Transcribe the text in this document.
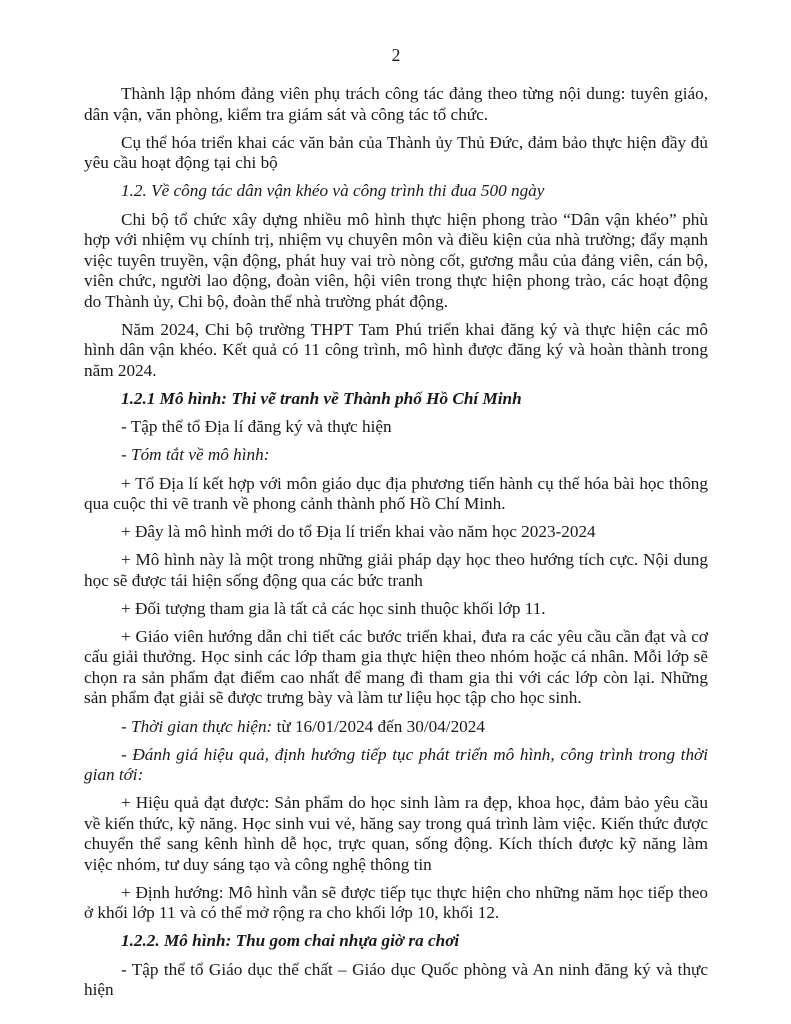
2

Thành lập nhóm đảng viên phụ trách công tác đảng theo từng nội dung: tuyên giáo, dân vận, văn phòng, kiểm tra giám sát và công tác tổ chức.

Cụ thể hóa triển khai các văn bản của Thành ủy Thủ Đức, đảm bảo thực hiện đầy đủ yêu cầu hoạt động tại chi bộ

1.2. Về công tác dân vận khéo và công trình thi đua 500 ngày

Chi bộ tổ chức xây dựng nhiều mô hình thực hiện phong trào “Dân vận khéo” phù hợp với nhiệm vụ chính trị, nhiệm vụ chuyên môn và điều kiện của nhà trường; đẩy mạnh việc tuyên truyền, vận động, phát huy vai trò nòng cốt, gương mẫu của đảng viên, cán bộ, viên chức, người lao động, đoàn viên, hội viên trong thực hiện phong trào, các hoạt động do Thành ủy, Chi bộ, đoàn thể nhà trường phát động.

Năm 2024, Chi bộ trường THPT Tam Phú triển khai đăng ký và thực hiện các mô hình dân vận khéo. Kết quả có 11 công trình, mô hình được đăng ký và hoàn thành trong năm 2024.

1.2.1 Mô hình: Thi vẽ tranh về Thành phố Hồ Chí Minh

- Tập thể tổ Địa lí đăng ký và thực hiện

- Tóm tắt về mô hình:

+ Tổ Địa lí kết hợp với môn giáo dục địa phương tiến hành cụ thể hóa bài học thông qua cuộc thi vẽ tranh về phong cảnh thành phố Hồ Chí Minh.

+ Đây là mô hình mới do tổ Địa lí triển khai vào năm học 2023-2024

+ Mô hình này là một trong những giải pháp dạy học theo hướng tích cực. Nội dung học sẽ được tái hiện sống động qua các bức tranh

+ Đối tượng tham gia là tất cả các học sinh thuộc khối lớp 11.

+ Giáo viên hướng dẫn chi tiết các bước triển khai, đưa ra các yêu cầu cần đạt và cơ cấu giải thưởng. Học sinh các lớp tham gia thực hiện theo nhóm hoặc cá nhân. Mỗi lớp sẽ chọn ra sản phẩm đạt điểm cao nhất để mang đi tham gia thi với các lớp còn lại. Những sản phẩm đạt giải sẽ được trưng bày và làm tư liệu học tập cho học sinh.

- Thời gian thực hiện: từ 16/01/2024 đến 30/04/2024

- Đánh giá hiệu quả, định hướng tiếp tục phát triển mô hình, công trình trong thời gian tới:

+ Hiệu quả đạt được: Sản phẩm do học sinh làm ra đẹp, khoa học, đảm bảo yêu cầu về kiến thức, kỹ năng. Học sinh vui vẻ, hăng say trong quá trình làm việc. Kiến thức được chuyển thể sang kênh hình dễ học, trực quan, sống động. Kích thích được kỹ năng làm việc nhóm, tư duy sáng tạo và công nghệ thông tin

+ Định hướng: Mô hình vẫn sẽ được tiếp tục thực hiện cho những năm học tiếp theo ở khối lớp 11 và có thể mở rộng ra cho khối lớp 10, khối 12.

1.2.2. Mô hình: Thu gom chai nhựa giờ ra chơi

- Tập thể tổ Giáo dục thể chất – Giáo dục Quốc phòng và An ninh đăng ký và thực hiện
